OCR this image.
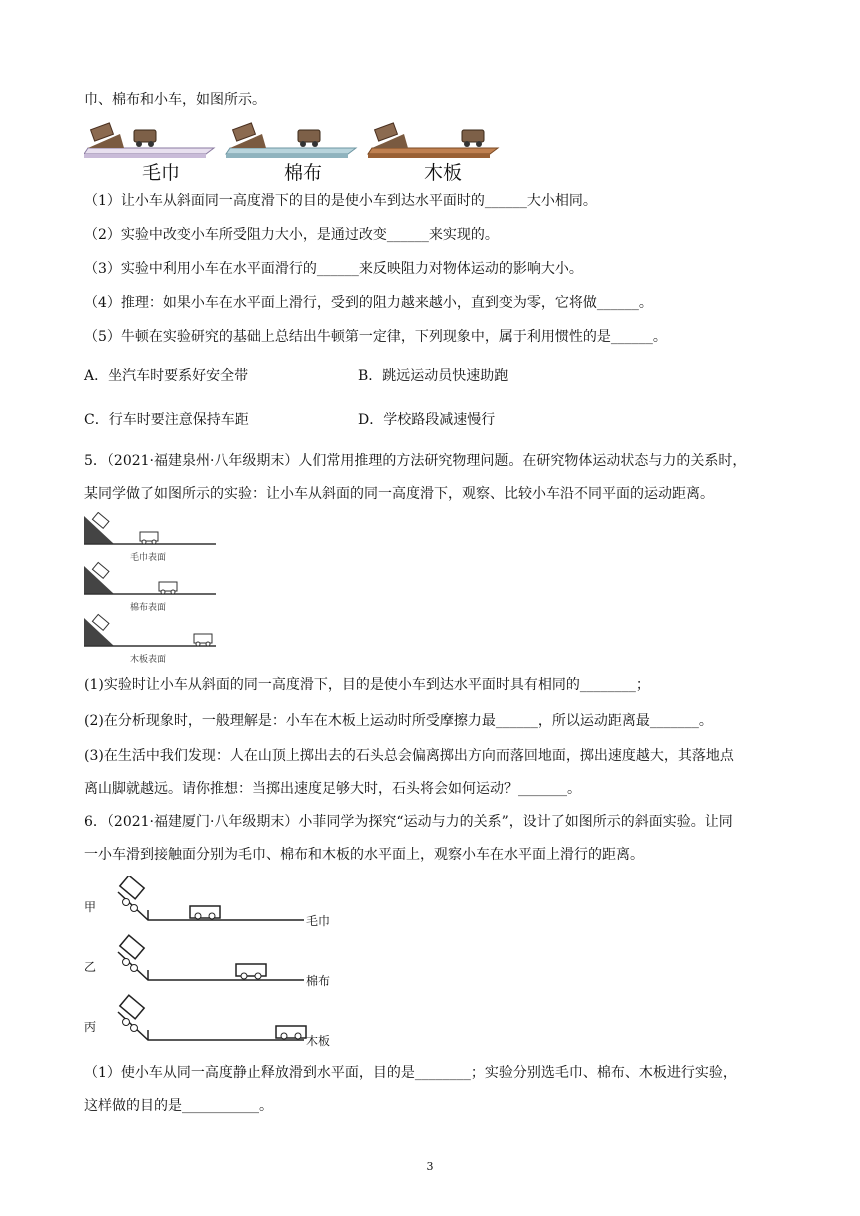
巾、棉布和小车，如图所示。
毛巾	棉布	木板
（1）让小车从斜面同一高度滑下的目的是使小车到达水平面时的______大小相同。
（2）实验中改变小车所受阻力大小，是通过改变______来实现的。
（3）实验中利用小车在水平面滑行的______来反映阻力对物体运动的影响大小。
（4）推理：如果小车在水平面上滑行，受到的阻力越来越小，直到变为零，它将做______。
（5）牛顿在实验研究的基础上总结出牛顿第一定律，下列现象中，属于利用惯性的是______。
A．坐汽车时要系好安全带	B．跳远运动员快速助跑
C．行车时要注意保持车距	D．学校路段减速慢行
5．（2021·福建泉州·八年级期末）人们常用推理的方法研究物理问题。在研究物体运动状态与力的关系时，
某同学做了如图所示的实验：让小车从斜面的同一高度滑下，观察、比较小车沿不同平面的运动距离。
毛巾表面
棉布表面
木板表面
(1)实验时让小车从斜面的同一高度滑下，目的是使小车到达水平面时具有相同的________；
(2)在分析现象时，一般理解是：小车在木板上运动时所受摩擦力最______，所以运动距离最_______。
(3)在生活中我们发现：人在山顶上掷出去的石头总会偏离掷出方向而落回地面，掷出速度越大，其落地点
离山脚就越远。请你推想：当掷出速度足够大时，石头将会如何运动？_______。
6．（2021·福建厦门·八年级期末）小菲同学为探究“运动与力的关系”，设计了如图所示的斜面实验。让同
一小车滑到接触面分别为毛巾、棉布和木板的水平面上，观察小车在水平面上滑行的距离。
甲
乙
丙
毛巾
棉布
木板
（1）使小车从同一高度静止释放滑到水平面，目的是________；实验分别选毛巾、棉布、木板进行实验，
这样做的目的是___________。
3
